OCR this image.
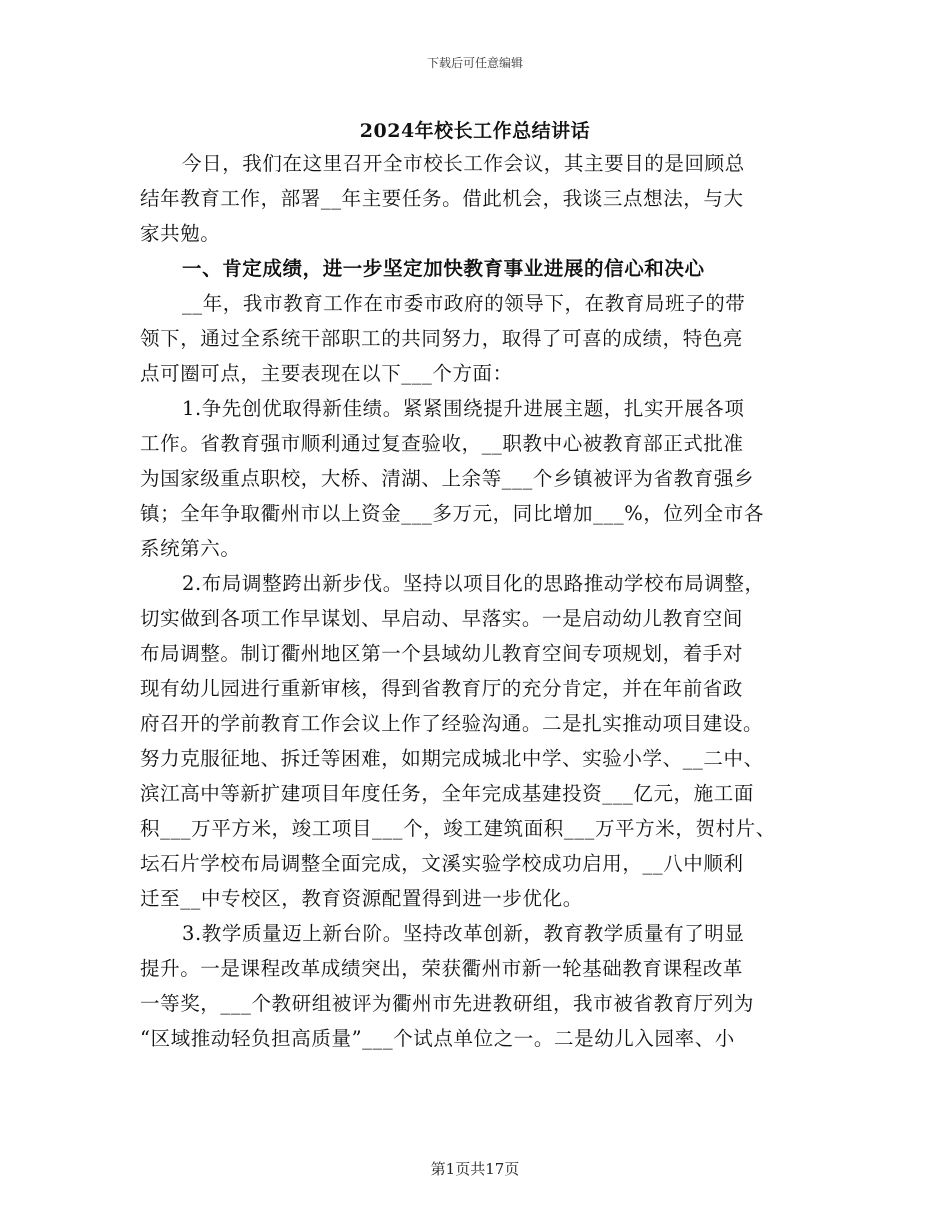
下载后可任意编辑
2024年校长工作总结讲话
今日，我们在这里召开全市校长工作会议，其主要目的是回顾总
结年教育工作，部署__年主要任务。借此机会，我谈三点想法，与大
家共勉。
一、肯定成绩，进一步坚定加快教育事业进展的信心和决心
__年，我市教育工作在市委市政府的领导下，在教育局班子的带
领下，通过全系统干部职工的共同努力，取得了可喜的成绩，特色亮
点可圈可点，主要表现在以下___个方面：
1.争先创优取得新佳绩。紧紧围绕提升进展主题，扎实开展各项
工作。省教育强市顺利通过复查验收，__职教中心被教育部正式批准
为国家级重点职校，大桥、清湖、上余等___个乡镇被评为省教育强乡
镇；全年争取衢州市以上资金___多万元，同比增加___%，位列全市各
系统第六。
2.布局调整跨出新步伐。坚持以项目化的思路推动学校布局调整，
切实做到各项工作早谋划、早启动、早落实。一是启动幼儿教育空间
布局调整。制订衢州地区第一个县域幼儿教育空间专项规划，着手对
现有幼儿园进行重新审核，得到省教育厅的充分肯定，并在年前省政
府召开的学前教育工作会议上作了经验沟通。二是扎实推动项目建设。
努力克服征地、拆迁等困难，如期完成城北中学、实验小学、__二中、
滨江高中等新扩建项目年度任务，全年完成基建投资___亿元，施工面
积___万平方米，竣工项目___个，竣工建筑面积___万平方米，贺村片、
坛石片学校布局调整全面完成，文溪实验学校成功启用，__八中顺利
迁至__中专校区，教育资源配置得到进一步优化。
3.教学质量迈上新台阶。坚持改革创新，教育教学质量有了明显
提升。一是课程改革成绩突出，荣获衢州市新一轮基础教育课程改革
一等奖，___个教研组被评为衢州市先进教研组，我市被省教育厅列为
“区域推动轻负担高质量”___个试点单位之一。二是幼儿入园率、小
第1页共17页
